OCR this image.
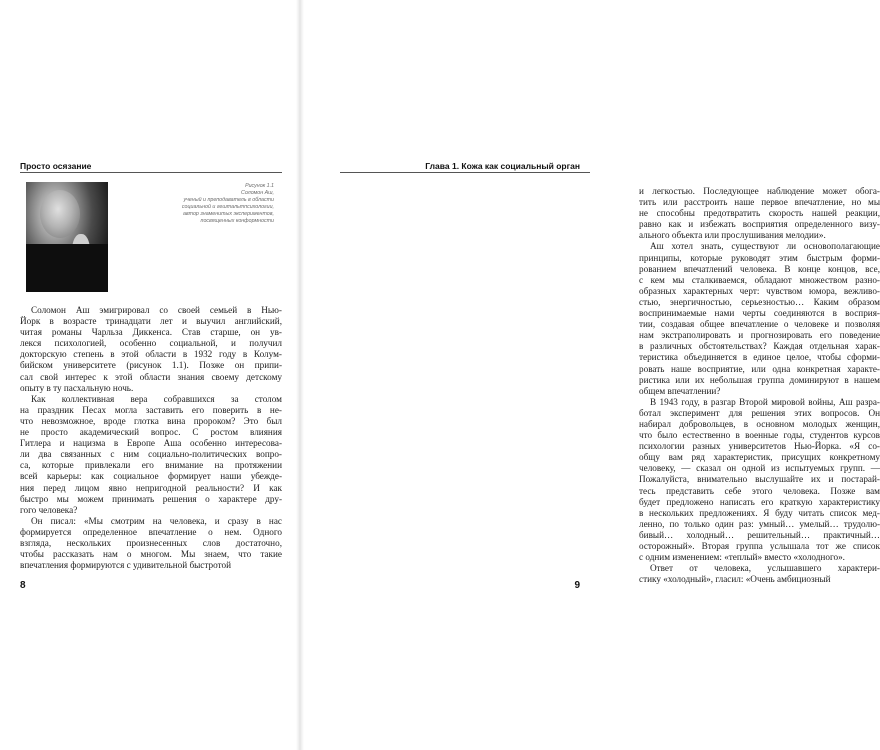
Просто осязание
Рисунок 1.1
Соломон Аш,
ученый и преподаватель в области
социальной и гештальтпсихологии,
автор знаменитых экспериментов,
посвященных конформности
Соломон Аш эмигрировал со своей семьей в Нью-
Йорк в возрасте тринадцати лет и выучил английский,
читая романы Чарльза Диккенса. Став старше, он ув-
лекся психологией, особенно социальной, и получил
докторскую степень в этой области в 1932 году в Колум-
бийском университете (рисунок 1.1). Позже он припи-
сал свой интерес к этой области знания своему детскому
опыту в ту пасхальную ночь.
Как коллективная вера собравшихся за столом
на праздник Песах могла заставить его поверить в не-
что невозможное, вроде глотка вина пророком? Это был
не просто академический вопрос. С ростом влияния
Гитлера и нацизма в Европе Аша особенно интересова-
ли два связанных с ним социально-политических вопро-
са, которые привлекали его внимание на протяжении
всей карьеры: как социальное формирует наши убежде-
ния перед лицом явно непригодной реальности? И как
быстро мы можем принимать решения о характере дру-
гого человека?
Он писал: «Мы смотрим на человека, и сразу в нас
формируется определенное впечатление о нем. Одного
взгляда, нескольких произнесенных слов достаточно,
чтобы рассказать нам о многом. Мы знаем, что такие
впечатления формируются с удивительной быстротой
8
Глава 1. Кожа как социальный орган
и легкостью. Последующее наблюдение может обога-
тить или расстроить наше первое впечатление, но мы
не способны предотвратить скорость нашей реакции,
равно как и избежать восприятия определенного визу-
ального объекта или прослушивания мелодии».
Аш хотел знать, существуют ли основополагающие
принципы, которые руководят этим быстрым форми-
рованием впечатлений человека. В конце концов, все,
с кем мы сталкиваемся, обладают множеством разно-
образных характерных черт: чувством юмора, вежливо-
стью, энергичностью, серьезностью… Каким образом
воспринимаемые нами черты соединяются в восприя-
тии, создавая общее впечатление о человеке и позволяя
нам экстраполировать и прогнозировать его поведение
в различных обстоятельствах? Каждая отдельная харак-
теристика объединяется в единое целое, чтобы сформи-
ровать наше восприятие, или одна конкретная характе-
ристика или их небольшая группа доминируют в нашем
общем впечатлении?
В 1943 году, в разгар Второй мировой войны, Аш разра-
ботал эксперимент для решения этих вопросов. Он
набирал добровольцев, в основном молодых женщин,
что было естественно в военные годы, студентов курсов
психологии разных университетов Нью-Йорка. «Я со-
общу вам ряд характеристик, присущих конкретному
человеку, — сказал он одной из испытуемых групп. —
Пожалуйста, внимательно выслушайте их и постарай-
тесь представить себе этого человека. Позже вам
будет предложено написать его краткую характеристику
в нескольких предложениях. Я буду читать список мед-
ленно, по только один раз: умный… умелый… трудолю-
бивый… холодный… решительный… практичный…
осторожный». Вторая группа услышала тот же список
с одним изменением: «теплый» вместо «холодного».
Ответ от человека, услышавшего характери-
стику «холодный», гласил: «Очень амбициозный
9
